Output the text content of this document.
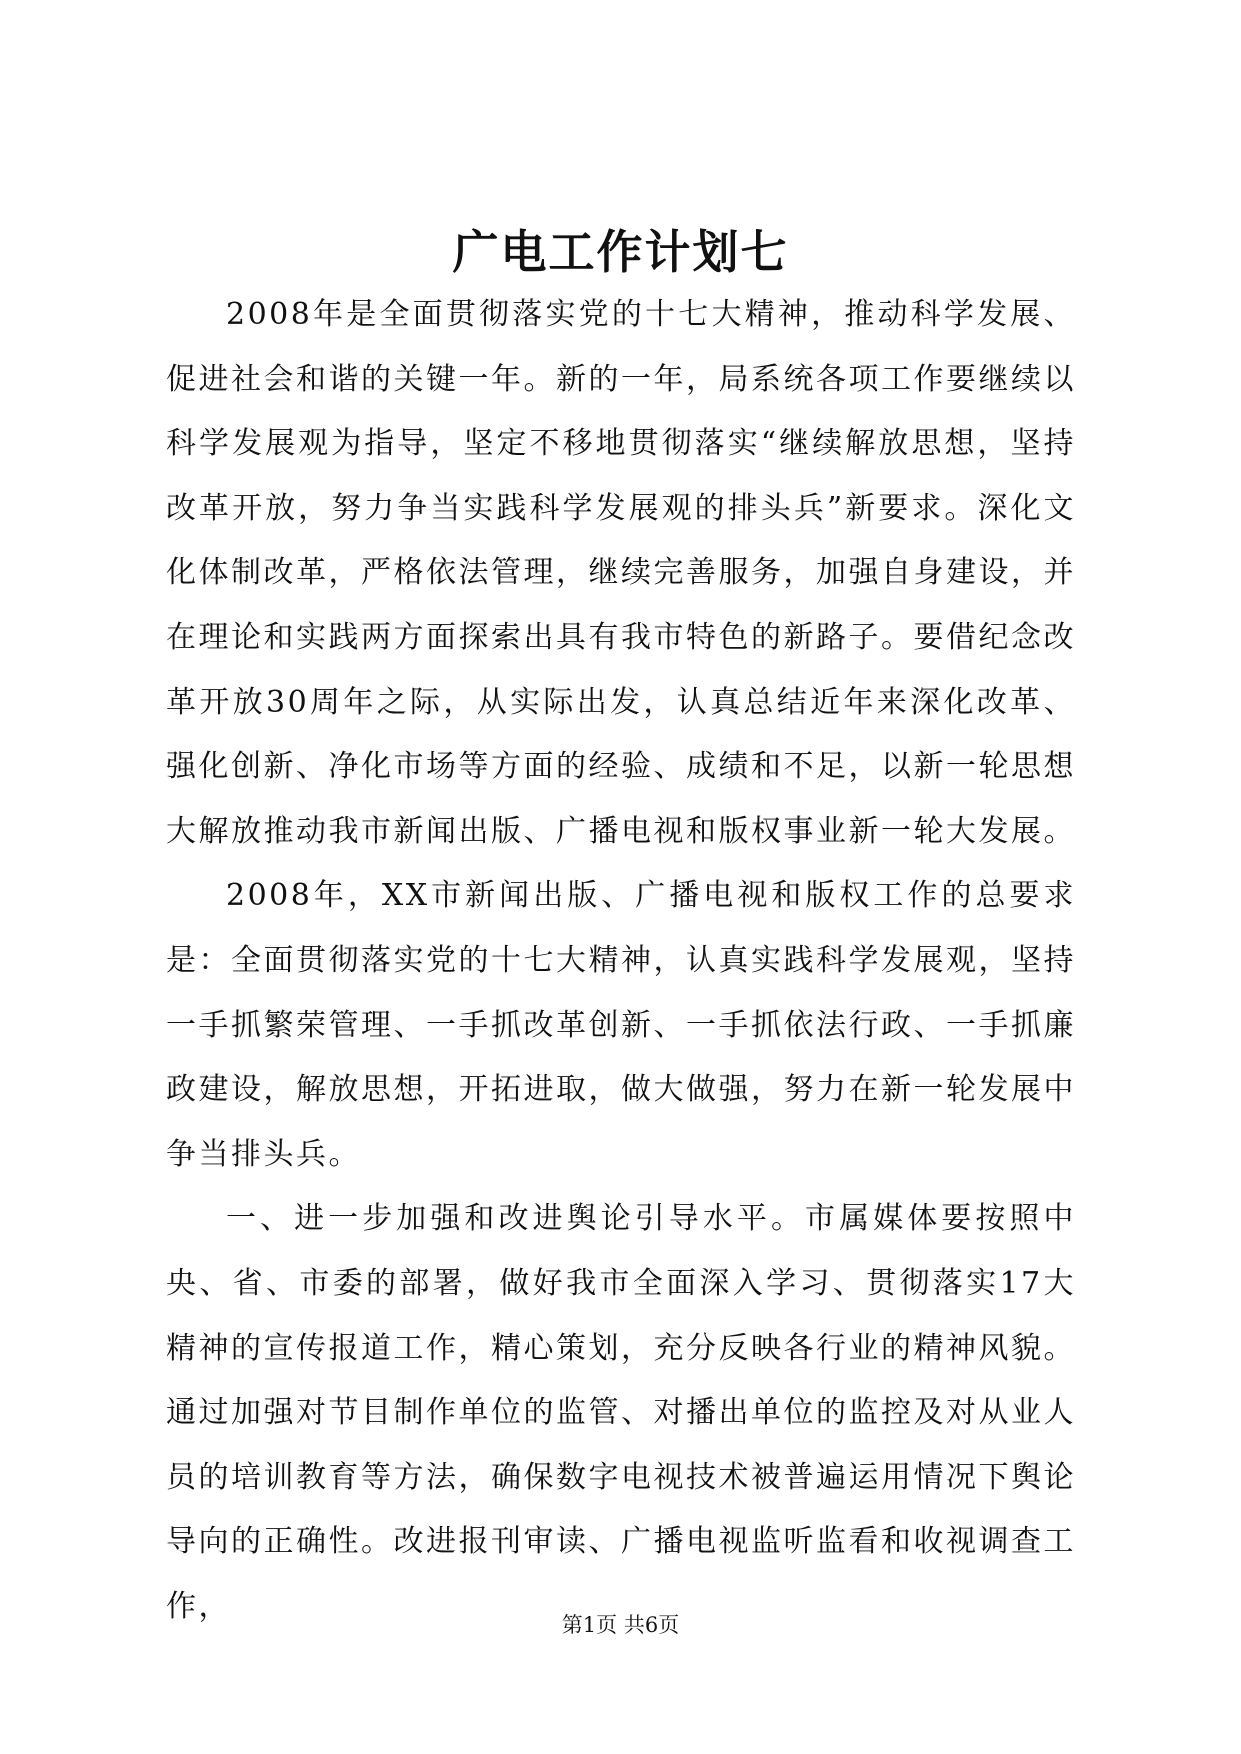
广电工作计划七

2008年是全面贯彻落实党的十七大精神，推动科学发展、促进社会和谐的关键一年。新的一年，局系统各项工作要继续以科学发展观为指导，坚定不移地贯彻落实“继续解放思想，坚持改革开放，努力争当实践科学发展观的排头兵”新要求。深化文化体制改革，严格依法管理，继续完善服务，加强自身建设，并在理论和实践两方面探索出具有我市特色的新路子。要借纪念改革开放30周年之际，从实际出发，认真总结近年来深化改革、强化创新、净化市场等方面的经验、成绩和不足，以新一轮思想大解放推动我市新闻出版、广播电视和版权事业新一轮大发展。

2008年，XX市新闻出版、广播电视和版权工作的总要求是：全面贯彻落实党的十七大精神，认真实践科学发展观，坚持一手抓繁荣管理、一手抓改革创新、一手抓依法行政、一手抓廉政建设，解放思想，开拓进取，做大做强，努力在新一轮发展中争当排头兵。

一、进一步加强和改进舆论引导水平。市属媒体要按照中央、省、市委的部署，做好我市全面深入学习、贯彻落实17大精神的宣传报道工作，精心策划，充分反映各行业的精神风貌。通过加强对节目制作单位的监管、对播出单位的监控及对从业人员的培训教育等方法，确保数字电视技术被普遍运用情况下舆论导向的正确性。改进报刊审读、广播电视监听监看和收视调查工作，

第1页 共6页
